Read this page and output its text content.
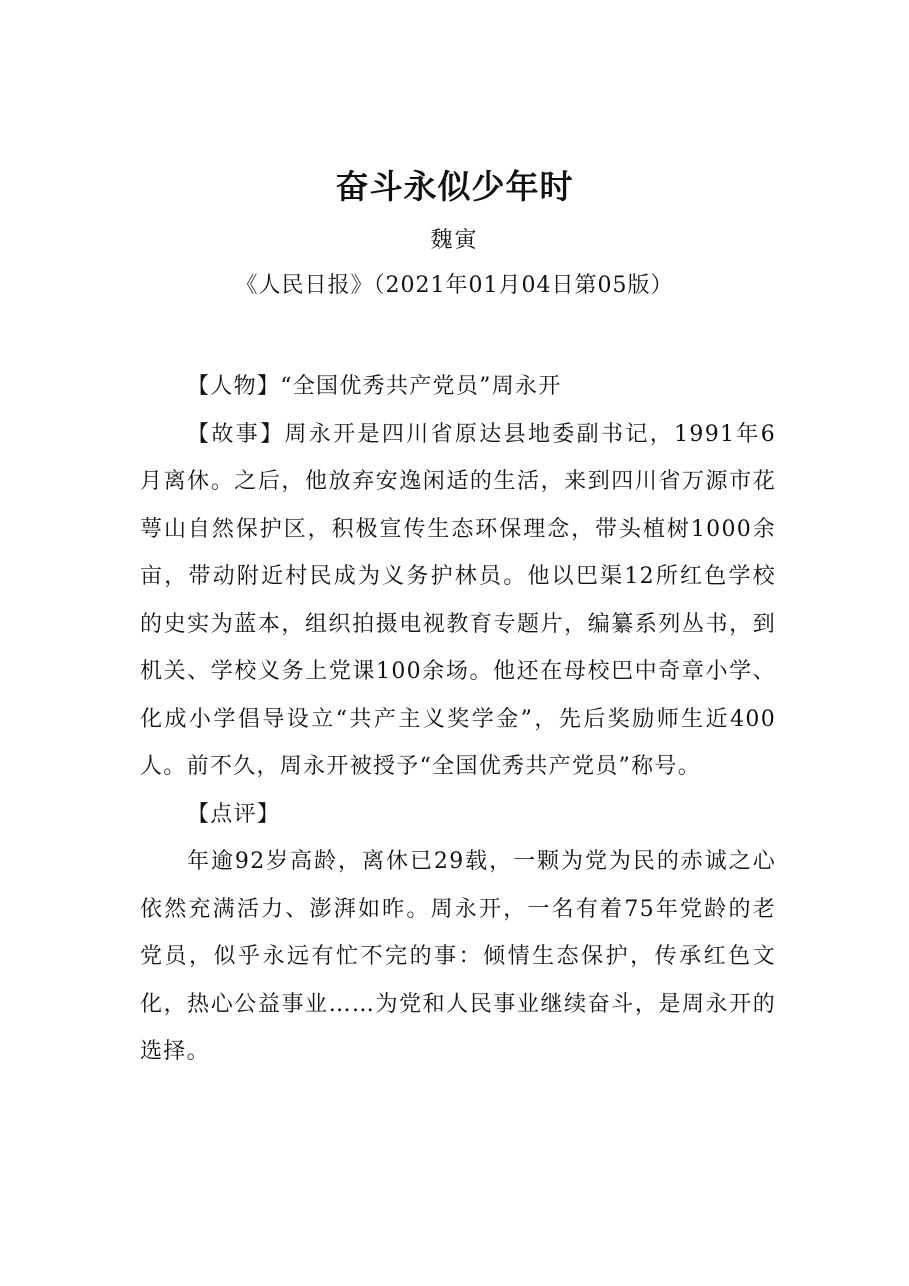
奋斗永似少年时
魏寅
《人民日报》（2021年01月04日第05版）

【人物】“全国优秀共产党员”周永开

【故事】周永开是四川省原达县地委副书记，1991年6月离休。之后，他放弃安逸闲适的生活，来到四川省万源市花萼山自然保护区，积极宣传生态环保理念，带头植树1000余亩，带动附近村民成为义务护林员。他以巴渠12所红色学校的史实为蓝本，组织拍摄电视教育专题片，编纂系列丛书，到机关、学校义务上党课100余场。他还在母校巴中奇章小学、化成小学倡导设立“共产主义奖学金”，先后奖励师生近400人。前不久，周永开被授予“全国优秀共产党员”称号。

【点评】

年逾92岁高龄，离休已29载，一颗为党为民的赤诚之心依然充满活力、澎湃如昨。周永开，一名有着75年党龄的老党员，似乎永远有忙不完的事：倾情生态保护，传承红色文化，热心公益事业……为党和人民事业继续奋斗，是周永开的选择。
